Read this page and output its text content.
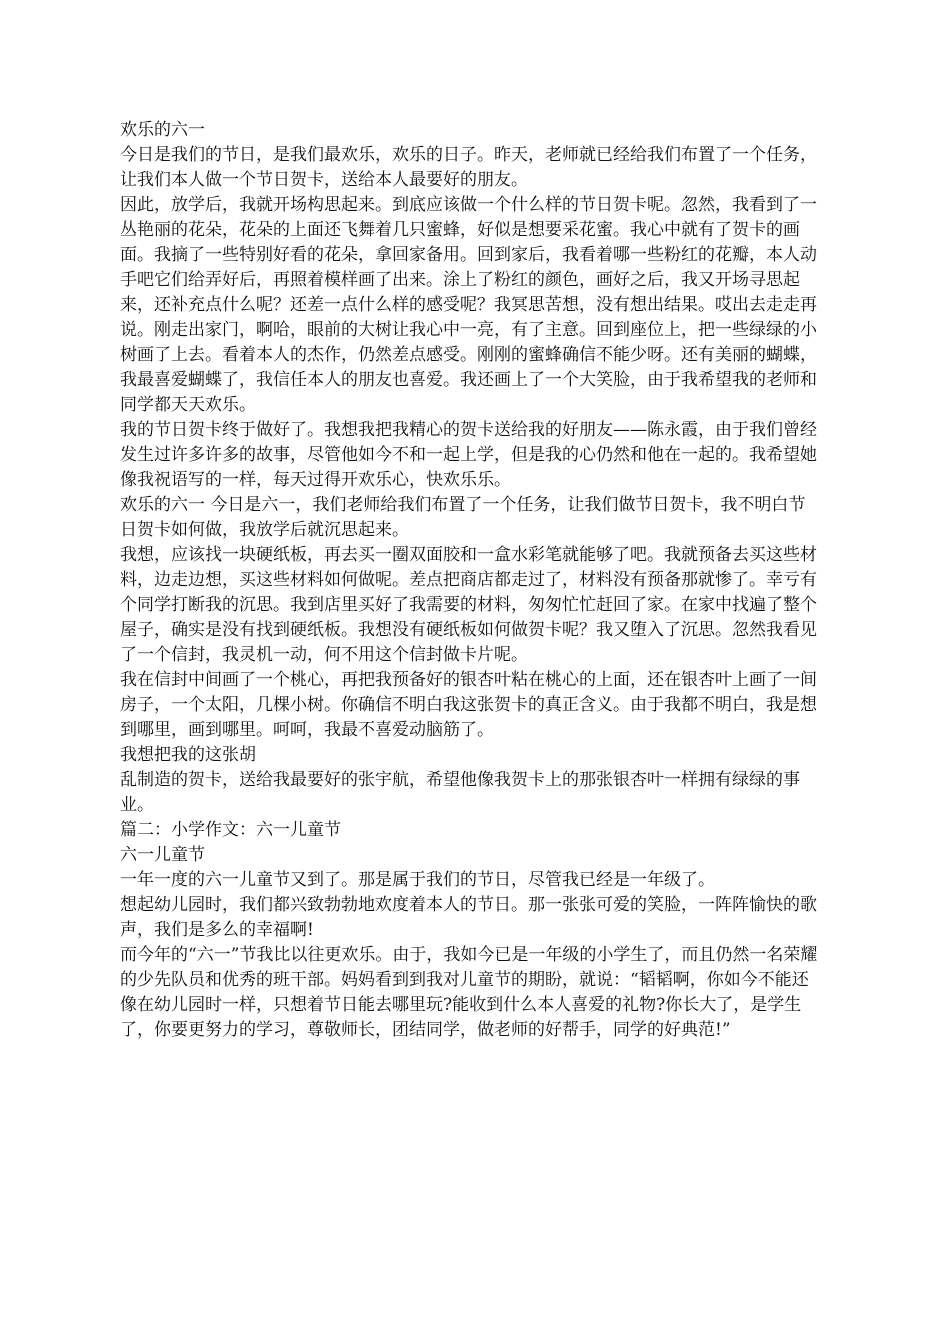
欢乐的六一

今日是我们的节日，是我们最欢乐，欢乐的日子。昨天，老师就已经给我们布置了一个任务，让我们本人做一个节日贺卡，送给本人最要好的朋友。

因此，放学后，我就开场构思起来。到底应该做一个什么样的节日贺卡呢。忽然，我看到了一丛艳丽的花朵，花朵的上面还飞舞着几只蜜蜂，好似是想要采花蜜。我心中就有了贺卡的画面。我摘了一些特别好看的花朵，拿回家备用。回到家后，我看着哪一些粉红的花瓣，本人动手吧它们给弄好后，再照着模样画了出来。涂上了粉红的颜色，画好之后，我又开场寻思起来，还补充点什么呢？还差一点什么样的感受呢？我冥思苦想，没有想出结果。哎出去走走再说。刚走出家门，啊哈，眼前的大树让我心中一亮，有了主意。回到座位上，把一些绿绿的小树画了上去。看着本人的杰作，仍然差点感受。刚刚的蜜蜂确信不能少呀。还有美丽的蝴蝶，我最喜爱蝴蝶了，我信任本人的朋友也喜爱。我还画上了一个大笑脸，由于我希望我的老师和同学都天天欢乐。

我的节日贺卡终于做好了。我想我把我精心的贺卡送给我的好朋友——陈永霞，由于我们曾经发生过许多许多的故事，尽管他如今不和一起上学，但是我的心仍然和他在一起的。我希望她像我祝语写的一样，每天过得开欢乐心，快欢乐乐。

欢乐的六一 今日是六一，我们老师给我们布置了一个任务，让我们做节日贺卡，我不明白节日贺卡如何做，我放学后就沉思起来。

我想，应该找一块硬纸板，再去买一圈双面胶和一盒水彩笔就能够了吧。我就预备去买这些材料，边走边想，买这些材料如何做呢。差点把商店都走过了，材料没有预备那就惨了。幸亏有个同学打断我的沉思。我到店里买好了我需要的材料，匆匆忙忙赶回了家。在家中找遍了整个屋子，确实是没有找到硬纸板。我想没有硬纸板如何做贺卡呢？我又堕入了沉思。忽然我看见了一个信封，我灵机一动，何不用这个信封做卡片呢。

我在信封中间画了一个桃心，再把我预备好的银杏叶粘在桃心的上面，还在银杏叶上画了一间房子，一个太阳，几棵小树。你确信不明白我这张贺卡的真正含义。由于我都不明白，我是想到哪里，画到哪里。呵呵，我最不喜爱动脑筋了。

我想把我的这张胡

乱制造的贺卡，送给我最要好的张宇航，希望他像我贺卡上的那张银杏叶一样拥有绿绿的事业。

篇二：小学作文：六一儿童节

六一儿童节

一年一度的六一儿童节又到了。那是属于我们的节日，尽管我已经是一年级了。

想起幼儿园时，我们都兴致勃勃地欢度着本人的节日。那一张张可爱的笑脸，一阵阵愉快的歌声，我们是多么的幸福啊!

而今年的“六一”节我比以往更欢乐。由于，我如今已是一年级的小学生了，而且仍然一名荣耀的少先队员和优秀的班干部。妈妈看到到我对儿童节的期盼，就说：“韬韬啊，你如今不能还像在幼儿园时一样，只想着节日能去哪里玩?能收到什么本人喜爱的礼物?你长大了，是学生了，你要更努力的学习，尊敬师长，团结同学，做老师的好帮手，同学的好典范!”
